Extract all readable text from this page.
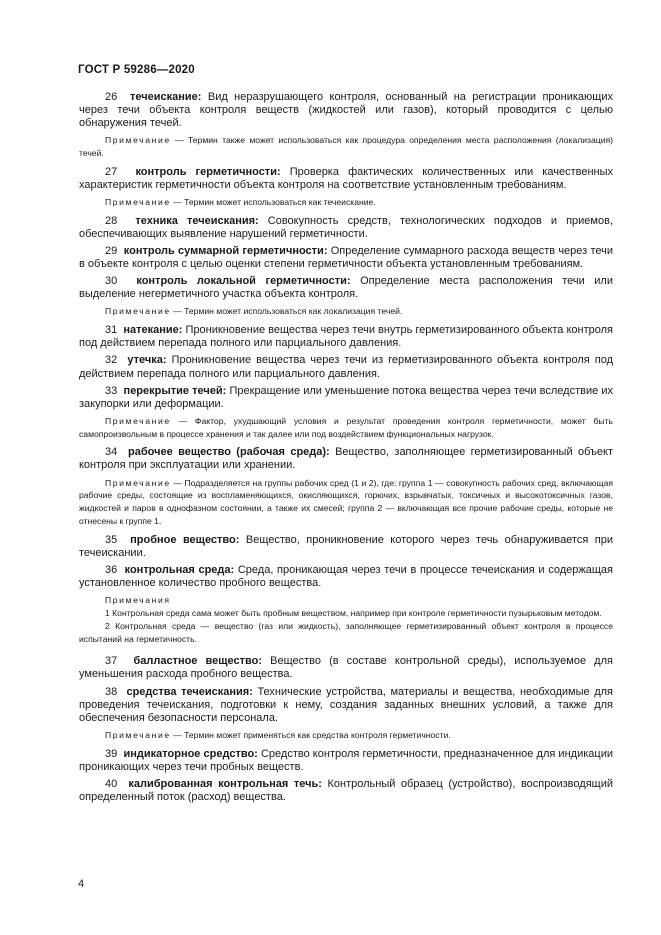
ГОСТ Р 59286—2020

26 течеискание: Вид неразрушающего контроля, основанный на регистрации проникающих через течи объекта контроля веществ (жидкостей или газов), который проводится с целью обнаружения течей.

Примечание — Термин также может использоваться как процедура определения места расположения (локализация) течей.

27 контроль герметичности: Проверка фактических количественных или качественных характеристик герметичности объекта контроля на соответствие установленным требованиям.

Примечание — Термин может использоваться как течеискание.

28 техника течеискания: Совокупность средств, технологических подходов и приемов, обеспечивающих выявление нарушений герметичности.

29 контроль суммарной герметичности: Определение суммарного расхода веществ через течи в объекте контроля с целью оценки степени герметичности объекта установленным требованиям.

30 контроль локальной герметичности: Определение места расположения течи или выделение негерметичного участка объекта контроля.

Примечание — Термин может использоваться как локализация течей.

31 натекание: Проникновение вещества через течи внутрь герметизированного объекта контроля под действием перепада полного или парциального давления.

32 утечка: Проникновение вещества через течи из герметизированного объекта контроля под действием перепада полного или парциального давления.

33 перекрытие течей: Прекращение или уменьшение потока вещества через течи вследствие их закупорки или деформации.

Примечание — Фактор, ухудшающий условия и результат проведения контроля герметичности, может быть самопроизвольным в процессе хранения и так далее или под воздействием функциональных нагрузок.

34 рабочее вещество (рабочая среда): Вещество, заполняющее герметизированный объект контроля при эксплуатации или хранении.

Примечание — Подразделяется на группы рабочих сред (1 и 2), где: группа 1 — совокупность рабочих сред, включающая рабочие среды, состоящие из воспламеняющихся, окисляющихся, горючих, взрывчатых, токсичных и высокотоксичных газов, жидкостей и паров в однофазном состоянии, а также их смесей; группа 2 — включающая все прочие рабочие среды, которые не отнесены к группе 1.

35 пробное вещество: Вещество, проникновение которого через течь обнаруживается при течеискании.

36 контрольная среда: Среда, проникающая через течи в процессе течеискания и содержащая установленное количество пробного вещества.

Примечания

1 Контрольная среда сама может быть пробным веществом, например при контроле герметичности пузырьковым методом.

2 Контрольная среда — вещество (газ или жидкость), заполняющее герметизированный объект контроля в процессе испытаний на герметичность.

37 балластное вещество: Вещество (в составе контрольной среды), используемое для уменьшения расхода пробного вещества.

38 средства течеискания: Технические устройства, материалы и вещества, необходимые для проведения течеискания, подготовки к нему, создания заданных внешних условий, а также для обеспечения безопасности персонала.

Примечание — Термин может применяться как средства контроля герметичности.

39 индикаторное средство: Средство контроля герметичности, предназначенное для индикации проникающих через течи пробных веществ.

40 калиброванная контрольная течь: Контрольный образец (устройство), воспроизводящий определенный поток (расход) вещества.

4
